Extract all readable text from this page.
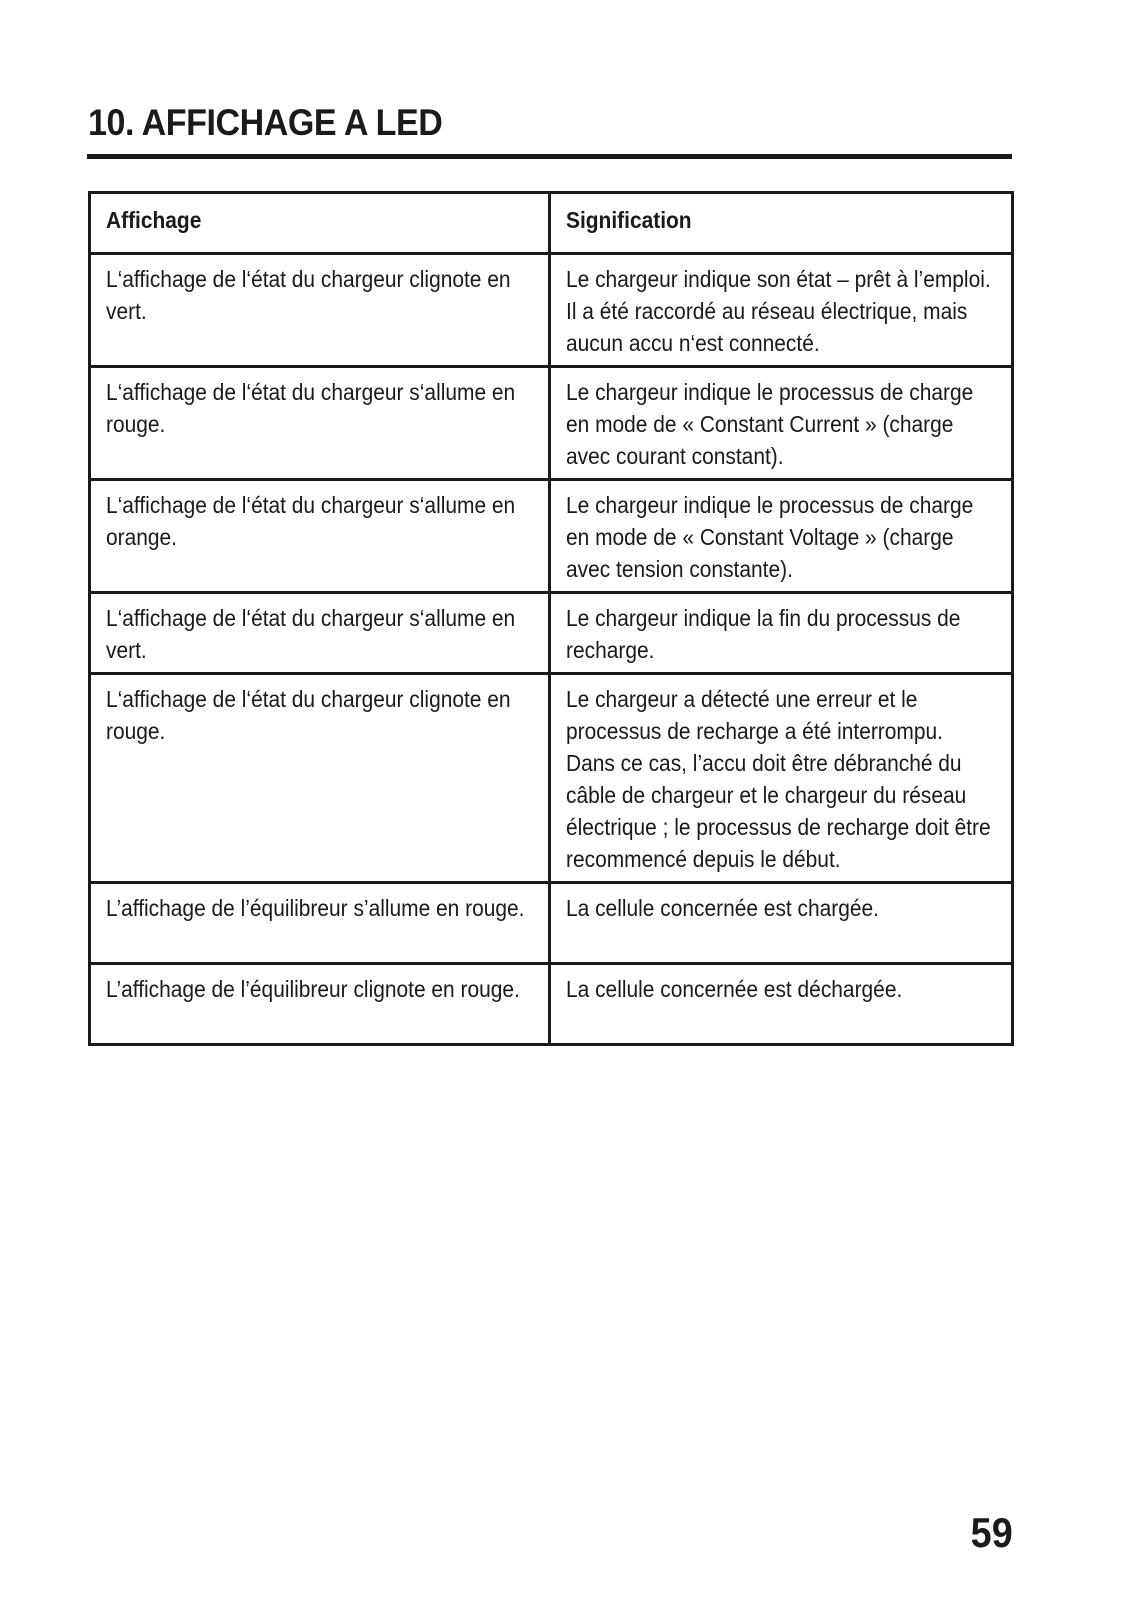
10. AFFICHAGE A LED
Affichage	Signification

L‘affichage de l‘état du chargeur clignote en vert.	Le chargeur indique son état – prêt à l’emploi. Il a été raccordé au réseau électrique, mais aucun accu n‘est connecté.

L‘affichage de l‘état du chargeur s‘allume en rouge.	Le chargeur indique le processus de charge en mode de « Constant Current » (charge avec courant constant).

L‘affichage de l‘état du chargeur s‘allume en orange.	Le chargeur indique le processus de charge en mode de « Constant Voltage » (charge avec tension constante).

L‘affichage de l‘état du chargeur s‘allume en vert.	Le chargeur indique la fin du processus de recharge.

L‘affichage de l‘état du chargeur clignote en rouge.	Le chargeur a détecté une erreur et le processus de recharge a été interrompu. Dans ce cas, l’accu doit être débranché du câble de chargeur et le chargeur du réseau électrique ; le processus de recharge doit être recommencé depuis le début.

L’affichage de l’équilibreur s’allume en rouge.	La cellule concernée est chargée.

L’affichage de l’équilibreur clignote en rouge.	La cellule concernée est déchargée.
59
